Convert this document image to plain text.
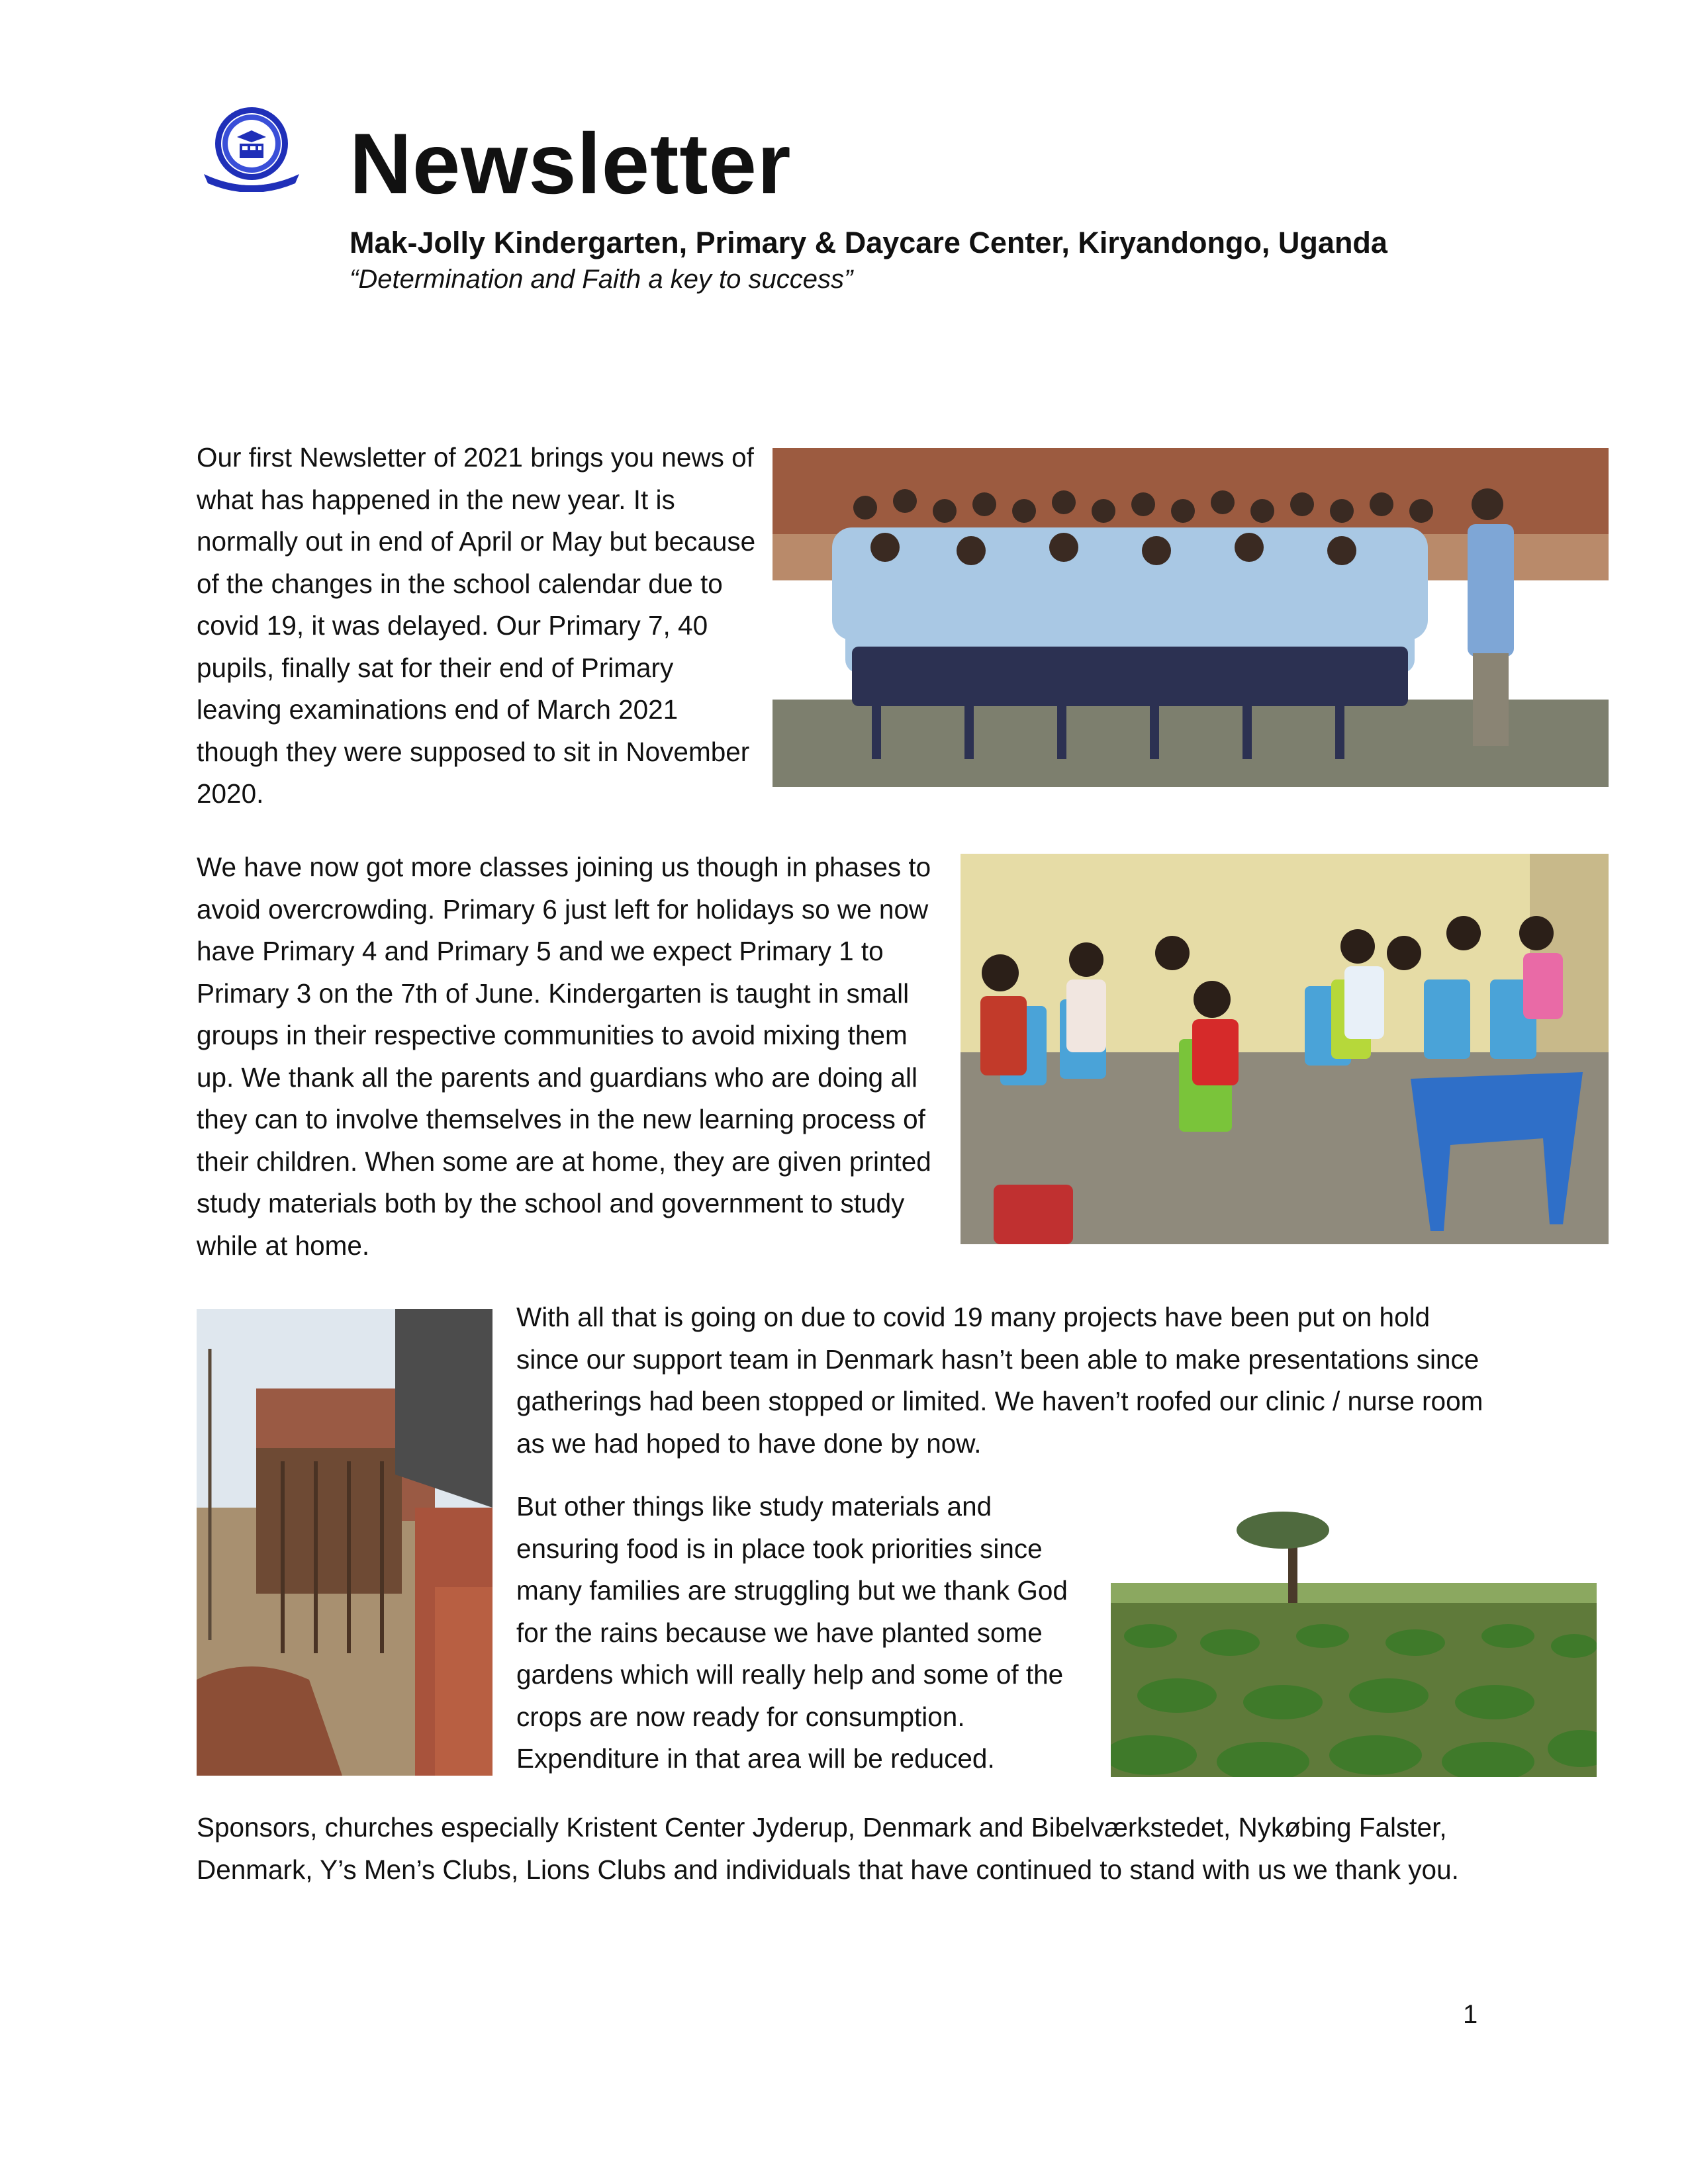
Newsletter
Mak-Jolly Kindergarten, Primary & Daycare Center, Kiryandongo, Uganda
“Determination and Faith a key to success”

Our first Newsletter of 2021 brings you news of what has happened in the new year. It is normally out in end of April or May but because of the changes in the school calendar due to covid 19, it was delayed. Our Primary 7, 40 pupils, finally sat for their end of Primary leaving examinations end of March 2021 though they were supposed to sit in November 2020.

We have now got more classes joining us though in phases to avoid overcrowding. Primary 6 just left for holidays so we now have Primary 4 and Primary 5 and we expect Primary 1 to Primary 3 on the 7th of June. Kindergarten is taught in small groups in their respective communities to avoid mixing them up. We thank all the parents and guardians who are doing all they can to involve themselves in the new learning process of their children. When some are at home, they are given printed study materials both by the school and government to study while at home.

With all that is going on due to covid 19 many projects have been put on hold since our support team in Denmark hasn’t been able to make presentations since gatherings had been stopped or limited. We haven’t roofed our clinic / nurse room as we had hoped to have done by now.

But other things like study materials and ensuring food is in place took priorities since many families are struggling but we thank God for the rains because we have planted some gardens which will really help and some of the crops are now ready for consumption. Expenditure in that area will be reduced.

Sponsors, churches especially Kristent Center Jyderup, Denmark and Bibelværkstedet, Nykøbing Falster, Denmark, Y’s Men’s Clubs, Lions Clubs and individuals that have continued to stand with us we thank you.

1
